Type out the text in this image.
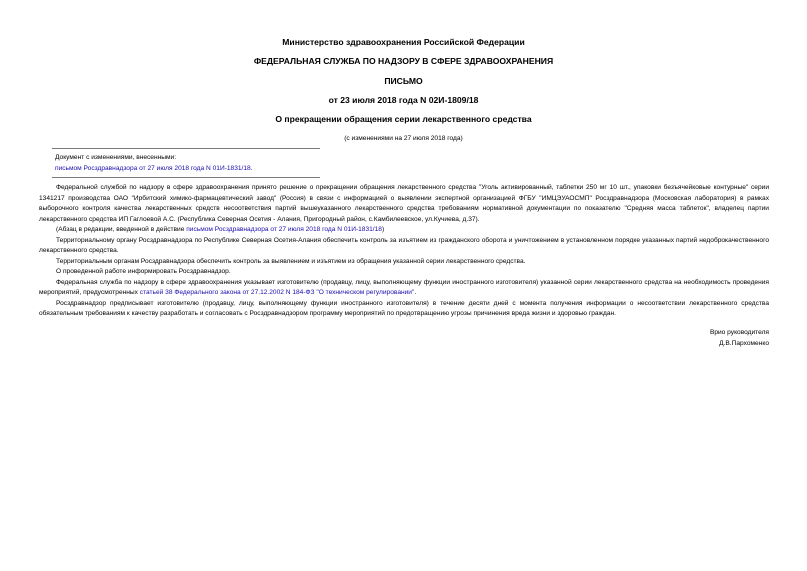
Министерство здравоохранения Российской Федерации
ФЕДЕРАЛЬНАЯ СЛУЖБА ПО НАДЗОРУ В СФЕРЕ ЗДРАВООХРАНЕНИЯ
ПИСЬМО
от 23 июля 2018 года N 02И-1809/18
О прекращении обращения серии лекарственного средства
(с изменениями на 27 июля 2018 года)
Документ с изменениями, внесенными:
письмом Росздравнадзора от 27 июля 2018 года N 01И-1831/18.

Федеральной службой по надзору в сфере здравоохранения принято решение о прекращении обращения лекарственного средства "Уголь активированный, таблетки 250 мг 10 шт., упаковки безъячейковые контурные" серии 1341217 производства ОАО "Ирбитский химико-фармацевтический завод" (Россия) в связи с информацией о выявлении экспертной организацией ФГБУ "ИМЦЭУАОСМП" Росздравнадзора (Московская лаборатория) в рамках выборочного контроля качества лекарственных средств несоответствия партий вышеуказанного лекарственного средства требованиям нормативной документации по показателю "Средняя масса таблеток", владелец партии лекарственного средства ИП Гаглоевой А.С. (Республика Северная Осетия - Алания, Пригородный район, с.Камбилеевское, ул.Кучиева, д.37).

(Абзац в редакции, введенной в действие письмом Росздравнадзора от 27 июля 2018 года N 01И-1831/18)

Территориальному органу Росздравнадзора по Республике Северная Осетия-Алания обеспечить контроль за изъятием из гражданского оборота и уничтожением в установленном порядке указанных партий недоброкачественного лекарственного средства.

Территориальным органам Росздравнадзора обеспечить контроль за выявлением и изъятием из обращения указанной серии лекарственного средства.

О проведенной работе информировать Росздравнадзор.

Федеральная служба по надзору в сфере здравоохранения указывает изготовителю (продавцу, лицу, выполняющему функции иностранного изготовителя) указанной серии лекарственного средства на необходимость проведения мероприятий, предусмотренных статьей 38 Федерального закона от 27.12.2002 N 184-ФЗ "О техническом регулировании".

Росздравнадзор предписывает изготовителю (продавцу, лицу, выполняющему функции иностранного изготовителя) в течение десяти дней с момента получения информации о несоответствии лекарственного средства обязательным требованиям к качеству разработать и согласовать с Росздравнадзором программу мероприятий по предотвращению угрозы причинения вреда жизни и здоровью граждан.

Врио руководителя
Д.В.Пархоменко
